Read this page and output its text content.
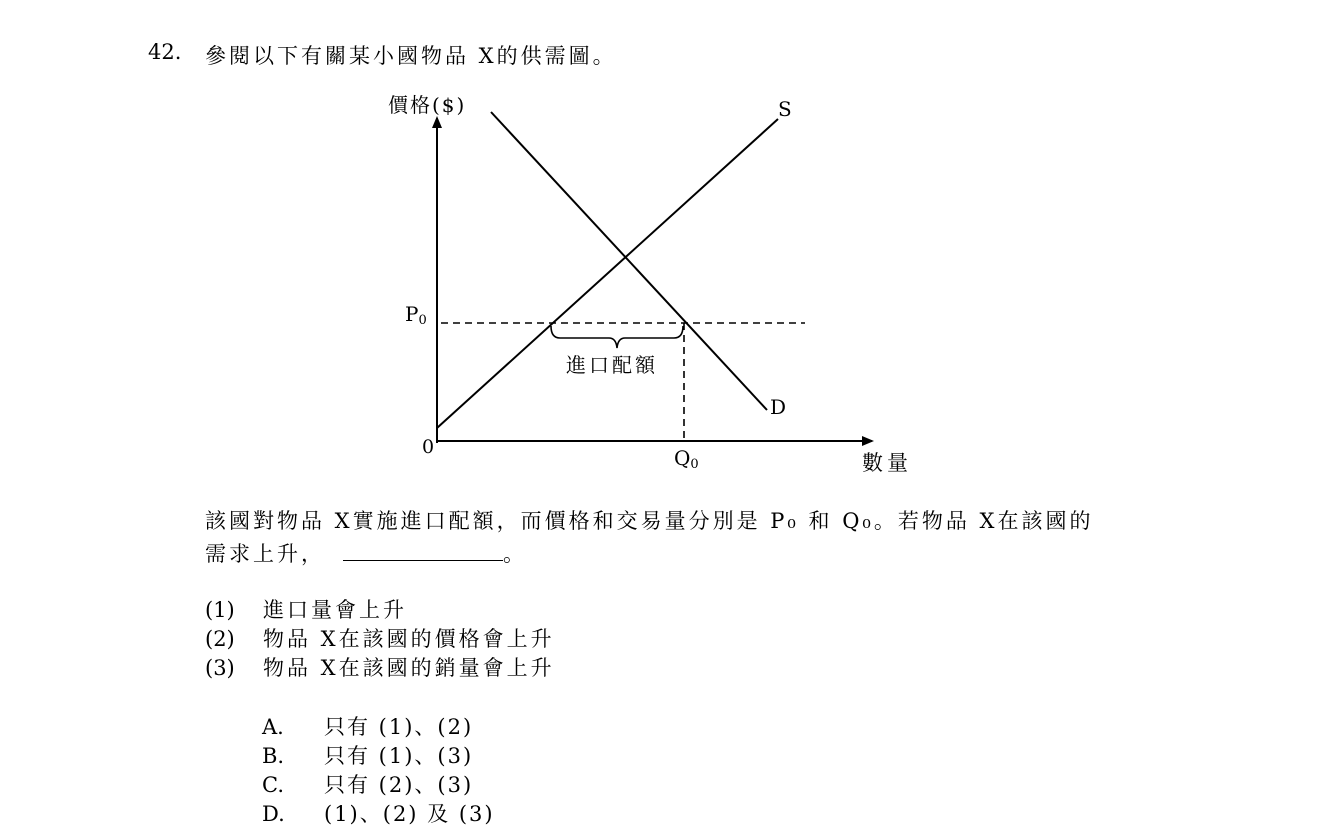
42. 參閱以下有關某小國物品 X的供需圖。
價格($)
數量
0
S
D
P0
Q0
進口配額
該國對物品 X實施進口配額，而價格和交易量分別是 P₀ 和 Q₀。若物品 X在該國的
需求上升，	。
(1) 進口量會上升
(2) 物品 X在該國的價格會上升
(3) 物品 X在該國的銷量會上升
A. 只有 (1)、(2)
B. 只有 (1)、(3)
C. 只有 (2)、(3)
D. (1)、(2) 及 (3)
